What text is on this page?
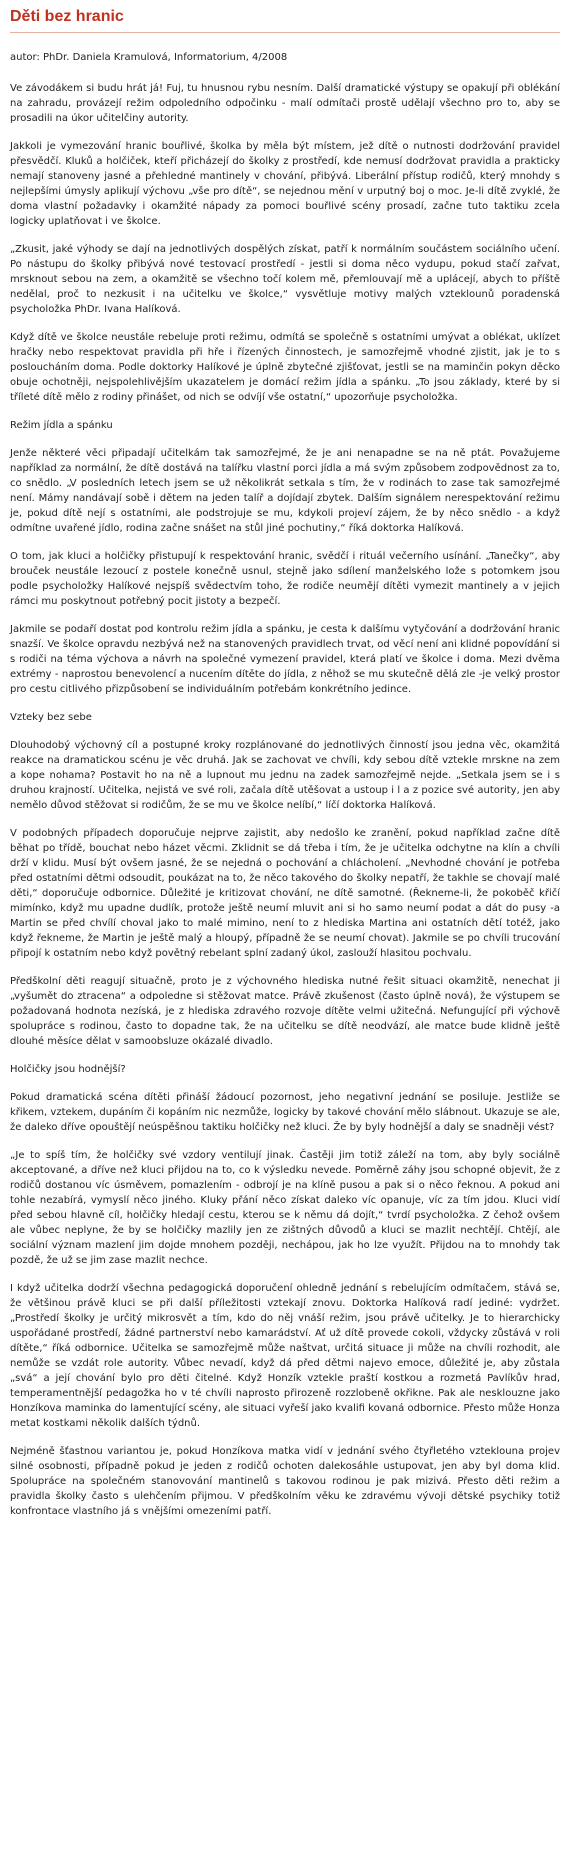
Děti bez hranic

autor: PhDr. Daniela Kramulová, Informatorium, 4/2008

Ve závodákem si budu hrát já! Fuj, tu hnusnou rybu nesním. Další dramatické výstupy se opakují při oblékání na zahradu, provázejí režim odpoledního odpočinku - malí odmítači prostě udělají všechno pro to, aby se prosadili na úkor učitelčiny autority.

Jakkoli je vymezování hranic bouřlivé, školka by měla být místem, jež dítě o nutnosti dodržování pravidel přesvědčí. Kluků a holčiček, kteří přicházejí do školky z prostředí, kde nemusí dodržovat pravidla a prakticky nemají stanoveny jasné a přehledné mantinely v chování, přibývá. Liberální přístup rodičů, který mnohdy s nejlepšími úmysly aplikují výchovu „vše pro dítě“, se nejednou mění v urputný boj o moc. Je-li dítě zvyklé, že doma vlastní požadavky i okamžité nápady za pomoci bouřlivé scény prosadí, začne tuto taktiku zcela logicky uplatňovat i ve školce.

„Zkusit, jaké výhody se dají na jednotlivých dospělých získat, patří k normálním součástem sociálního učení. Po nástupu do školky přibývá nové testovací prostředí - jestli si doma něco vydupu, pokud stačí zařvat, mrsknout sebou na zem, a okamžitě se všechno točí kolem mě, přemlouvají mě a uplácejí, abych to příště nedělal, proč to nezkusit i na učitelku ve školce,“ vysvětluje motivy malých vzteklounů poradenská psycholožka PhDr. Ivana Halíková.

Když dítě ve školce neustále rebeluje proti režimu, odmítá se společně s ostatními umývat a oblékat, uklízet hračky nebo respektovat pravidla při hře i řízených činnostech, je samozřejmě vhodné zjistit, jak je to s posloucháním doma. Podle doktorky Halíkové je úplně zbytečné zjišťovat, jestli se na maminčin pokyn děcko obuje ochotněji, nejspolehlivějším ukazatelem je domácí režim jídla a spánku. „To jsou základy, které by si tříleté dítě mělo z rodiny přinášet, od nich se odvíjí vše ostatní,“ upozorňuje psycholožka.

Režim jídla a spánku

Jenže některé věci připadají učitelkám tak samozřejmé, že je ani nenapadne se na ně ptát. Považujeme například za normální, že dítě dostává na talířku vlastní porci jídla a má svým způsobem zodpovědnost za to, co snědlo. „V posledních letech jsem se už několikrát setkala s tím, že v rodinách to zase tak samozřejmé není. Mámy nandávají sobě i dětem na jeden talíř a dojídají zbytek. Dalším signálem nerespektování režimu je, pokud dítě nejí s ostatními, ale podstrojuje se mu, kdykoli projeví zájem, že by něco snědlo - a když odmítne uvařené jídlo, rodina začne snášet na stůl jiné pochutiny,“ říká doktorka Halíková.

O tom, jak kluci a holčičky přistupují k respektování hranic, svědčí i rituál večerního usínání. „Tanečky“, aby brouček neustále lezoucí z postele konečně usnul, stejně jako sdílení manželského lože s potomkem jsou podle psycholožky Halíkové nejspíš svědectvím toho, že rodiče neumějí dítěti vymezit mantinely a v jejich rámci mu poskytnout potřebný pocit jistoty a bezpečí.

Jakmile se podaří dostat pod kontrolu režim jídla a spánku, je cesta k dalšímu vytyčování a dodržování hranic snazší. Ve školce opravdu nezbývá než na stanovených pravidlech trvat, od věcí není ani klidné popovídání si s rodiči na téma výchova a návrh na společné vymezení pravidel, která platí ve školce i doma. Mezi dvěma extrémy - naprostou benevolencí a nucením dítěte do jídla, z něhož se mu skutečně dělá zle -je velký prostor pro cestu citlivého přizpůsobení se individuálním potřebám konkrétního jedince.

Vztekу bez sebe

Dlouhodobý výchovný cíl a postupné kroky rozplánované do jednotlivých činností jsou jedna věc, okamžitá reakce na dramatickou scénu je věc druhá. Jak se zachovat ve chvíli, kdy sebou dítě vztekle mrskne na zem a kope nohama? Postavit ho na ně a lupnout mu jednu na zadek samozřejmě nejde. „Setkala jsem se i s druhou krajností. Učitelka, nejistá ve své roli, začala dítě utěšovat a ustoup i l a z pozice své autority, jen aby nemělo důvod stěžovat si rodičům, že se mu ve školce nelíbí,“ líčí doktorka Halíková.

V podobných případech doporučuje nejprve zajistit, aby nedošlo ke zranění, pokud například začne dítě běhat po třídě, bouchat nebo házet věcmi. Zklidnit se dá třeba i tím, že je učitelka odchytne na klín a chvíli drží v klidu. Musí být ovšem jasné, že se nejedná o pochování a chlácholení. „Nevhodné chování je potřeba před ostatními dětmi odsoudit, poukázat na to, že něco takového do školky nepatří, že takhle se chovají malé děti,“ doporučuje odbornice. Důležité je kritizovat chování, ne dítě samotné. (Řekneme-li, že pokoběč křičí mimínko, když mu upadne dudlík, protože ještě neumí mluvit ani si ho samo neumí podat a dát do pusy -a Martin se před chvílí choval jako to malé mimino, není to z hlediska Martina ani ostatních dětí totéž, jako když řekneme, že Martin je ještě malý a hloupý, případně že se neumí chovat). Jakmile se po chvíli trucování připojí k ostatním nebo když povětný rebelant splní zadaný úkol, zaslouží hlasitou pochvalu.

Předškolní děti reagují situačně, proto je z výchovného hlediska nutné řešit situaci okamžitě, nenechat ji „vyšumět do ztracena“ a odpoledne si stěžovat matce. Právě zkušenost (často úplně nová), že výstupem se požadovaná hodnota nezíská, je z hlediska zdravého rozvoje dítěte velmi užitečná. Nefungující při výchově spolupráce s rodinou, často to dopadne tak, že na učitelku se dítě neodvází, ale matce bude klidně ještě dlouhé měsíce dělat v samoobsluze okázalé divadlo.

Holčičky jsou hodnější?

Pokud dramatická scéna dítěti přináší žádoucí pozornost, jeho negativní jednání se posiluje. Jestliže se křikem, vztekem, dupáním či kopáním nic nezmůže, logicky by takové chování mělo slábnout. Ukazuje se ale, že daleko dříve opouštějí neúspěšnou taktiku holčičky než kluci. Že by byly hodnější a daly se snadněji vést?

„Je to spíš tím, že holčičky své vzdory ventilují jinak. Častěji jim totiž záleží na tom, aby byly sociálně akceptované, a dříve než kluci přijdou na to, co k výsledku nevede. Poměrně záhy jsou schopné objevit, že z rodičů dostanou víc úsměvem, pomazlením - odbrojí je na klíně pusou a pak si o něco řeknou. A pokud ani tohle nezabírá, vymyslí něco jiného. Kluky přání něco získat daleko víc opanuje, víc za tím jdou. Kluci vidí před sebou hlavně cíl, holčičky hledají cestu, kterou se k němu dá dojít,“ tvrdí psycholožka. Z čehož ovšem ale vůbec neplyne, že by se holčičky mazlily jen ze zištných důvodů a kluci se mazlit nechtějí. Chtějí, ale sociální význam mazlení jim dojde mnohem později, nechápou, jak ho lze využít. Přijdou na to mnohdy tak pozdě, že už se jim zase mazlit nechce.

I když učitelka dodrží všechna pedagogická doporučení ohledně jednání s rebelujícím odmítačem, stává se, že většinou právě kluci se při další příležitosti vztekají znovu. Doktorka Halíková radí jediné: vydržet. „Prostředí školky je určitý mikrosvět a tím, kdo do něj vnáší režim, jsou právě učitelky. Je to hierarchicky uspořádané prostředí, žádné partnerství nebo kamarádství. Ať už dítě provede cokoli, vždycky zůstává v roli dítěte,“ říká odbornice. Učitelka se samozřejmě může naštvat, určitá situace ji může na chvíli rozhodit, ale nemůže se vzdát role autority. Vůbec nevadí, když dá před dětmi najevo emoce, důležité je, aby zůstala „svá“ a její chování bylo pro děti čitelné. Když Honzík vztekle praští kostkou a rozmetá Pavlíkův hrad, temperamentnější pedagožka ho v té chvíli naprosto přirozeně rozzlobeně okřikne. Pak ale nesklouzne jako Honzíkova maminka do lamentující scény, ale situaci vyřeší jako kvalifi kovaná odbornice. Přesto může Honza metat kostkami několik dalších týdnů.

Nejméně šťastnou variantou je, pokud Honzíkova matka vidí v jednání svého čtyřletého vzteklouna projev silné osobnosti, případně pokud je jeden z rodičů ochoten dalekosáhle ustupovat, jen aby byl doma klid. Spolupráce na společném stanovování mantinelů s takovou rodinou je pak mizivá. Přesto děti režim a pravidla školky často s ulehčením přijmou. V předškolním věku ke zdravému vývoji dětské psychiky totiž konfrontace vlastního já s vnějšími omezeními patří.
